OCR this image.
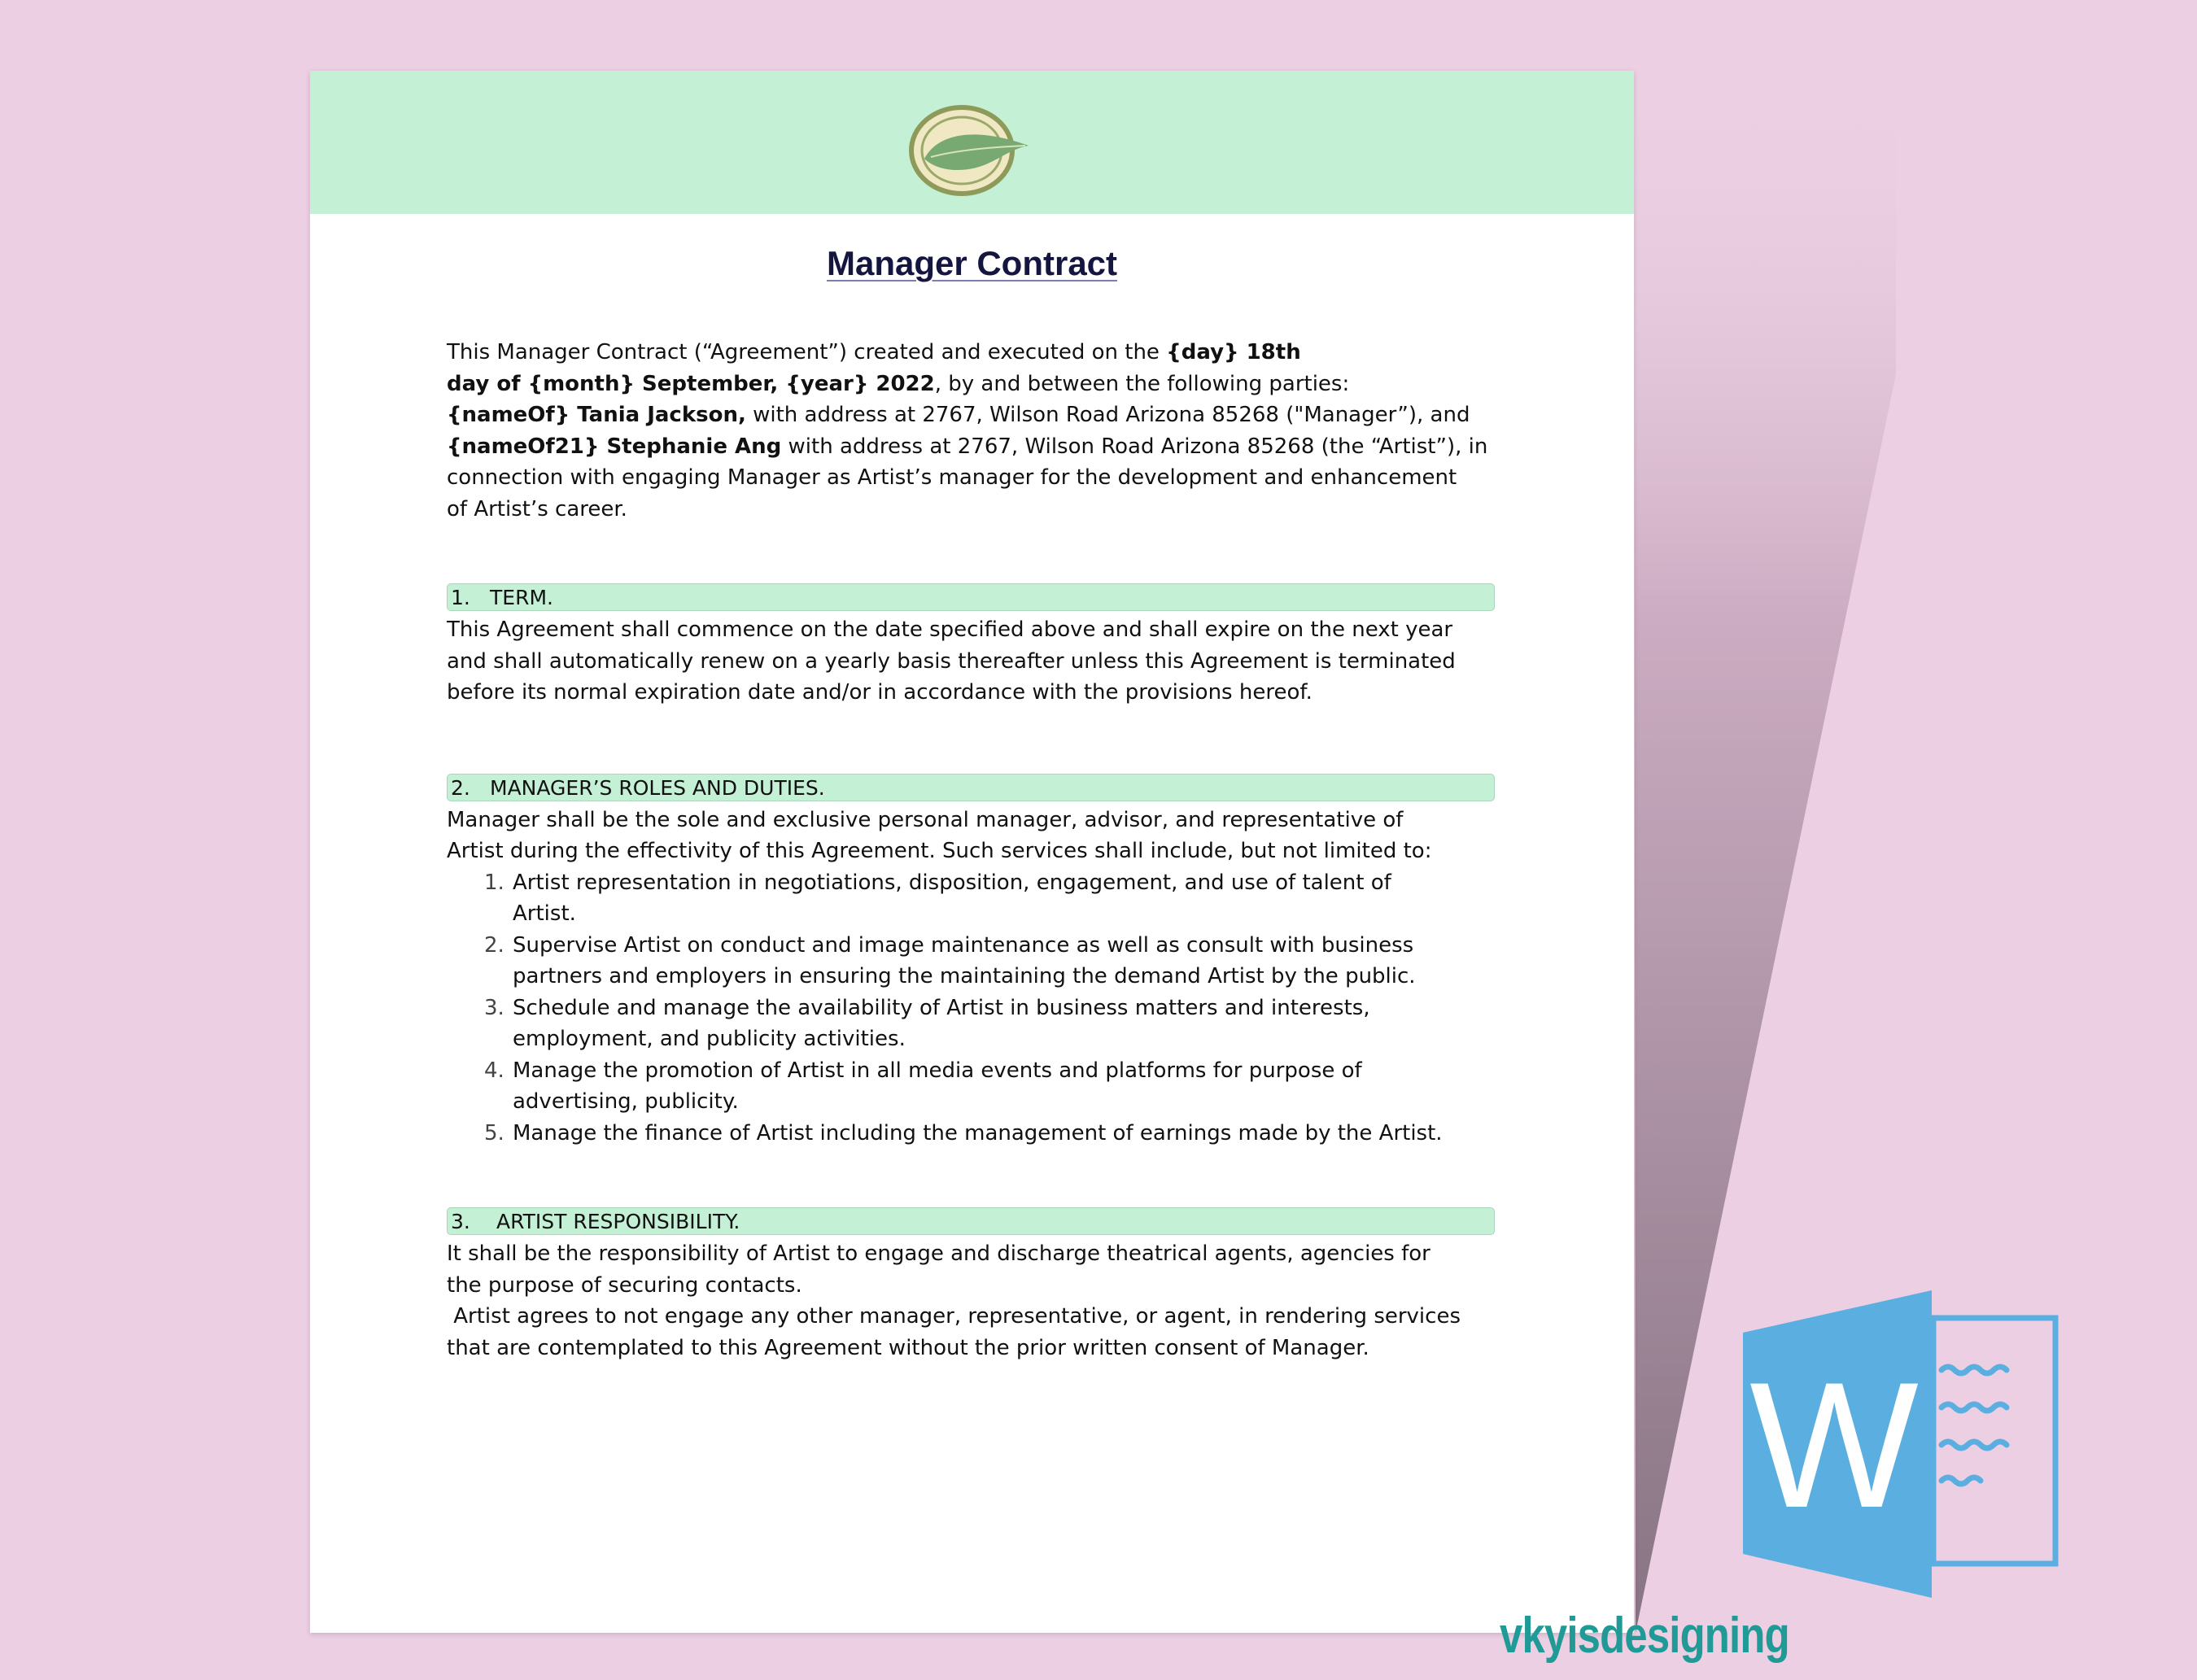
Manager Contract

This Manager Contract (“Agreement”) created and executed on the {day} 18th

day of {month} September, {year} 2022, by and between the following parties:

{nameOf} Tania Jackson, with address at 2767, Wilson Road Arizona 85268 ("Manager”), and

{nameOf21} Stephanie Ang with address at 2767, Wilson Road Arizona 85268 (the “Artist”), in

connection with engaging Manager as Artist’s manager for the development and enhancement

of Artist’s career.

1. TERM.

This Agreement shall commence on the date specified above and shall expire on the next year

and shall automatically renew on a yearly basis thereafter unless this Agreement is terminated

before its normal expiration date and/or in accordance with the provisions hereof.

2. MANAGER’S ROLES AND DUTIES.

Manager shall be the sole and exclusive personal manager, advisor, and representative of

Artist during the effectivity of this Agreement. Such services shall include, but not limited to:

1. Artist representation in negotiations, disposition, engagement, and use of talent of

Artist.

2. Supervise Artist on conduct and image maintenance as well as consult with business

partners and employers in ensuring the maintaining the demand Artist by the public.

3. Schedule and manage the availability of Artist in business matters and interests,

employment, and publicity activities.

4. Manage the promotion of Artist in all media events and platforms for purpose of

advertising, publicity.

5. Manage the finance of Artist including the management of earnings made by the Artist.

3. ARTIST RESPONSIBILITY.

It shall be the responsibility of Artist to engage and discharge theatrical agents, agencies for

the purpose of securing contacts.

Artist agrees to not engage any other manager, representative, or agent, in rendering services

that are contemplated to this Agreement without the prior written consent of Manager.	W
vkyisdesigning
